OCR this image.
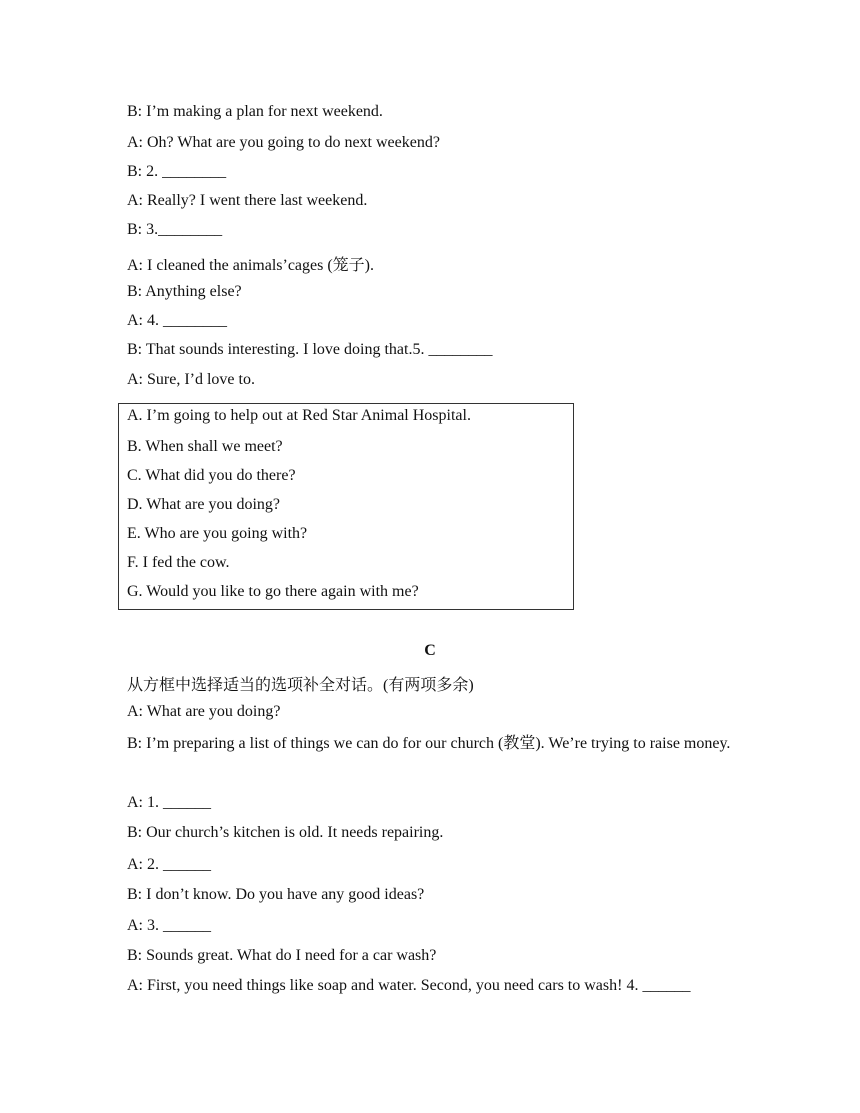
B: I’m making a plan for next weekend.
A: Oh? What are you going to do next weekend?
B: 2. ________
A: Really? I went there last weekend.
B: 3.________
A: I cleaned the animals’cages (笼子).
B: Anything else?
A: 4. ________
B: That sounds interesting. I love doing that.5. ________
A: Sure, I’d love to.
A. I’m going to help out at Red Star Animal Hospital.
B. When shall we meet?
C. What did you do there?
D. What are you doing?
E. Who are you going with?
F. I fed the cow.
G. Would you like to go there again with me?
C
从方框中选择适当的选项补全对话。(有两项多余)
A: What are you doing?
B: I’m preparing a list of things we can do for our church (教堂). We’re trying to raise money.
A: 1. ______
B: Our church’s kitchen is old. It needs repairing.
A: 2. ______
B: I don’t know. Do you have any good ideas?
A: 3. ______
B: Sounds great. What do I need for a car wash?
A: First, you need things like soap and water. Second, you need cars to wash! 4. ______
